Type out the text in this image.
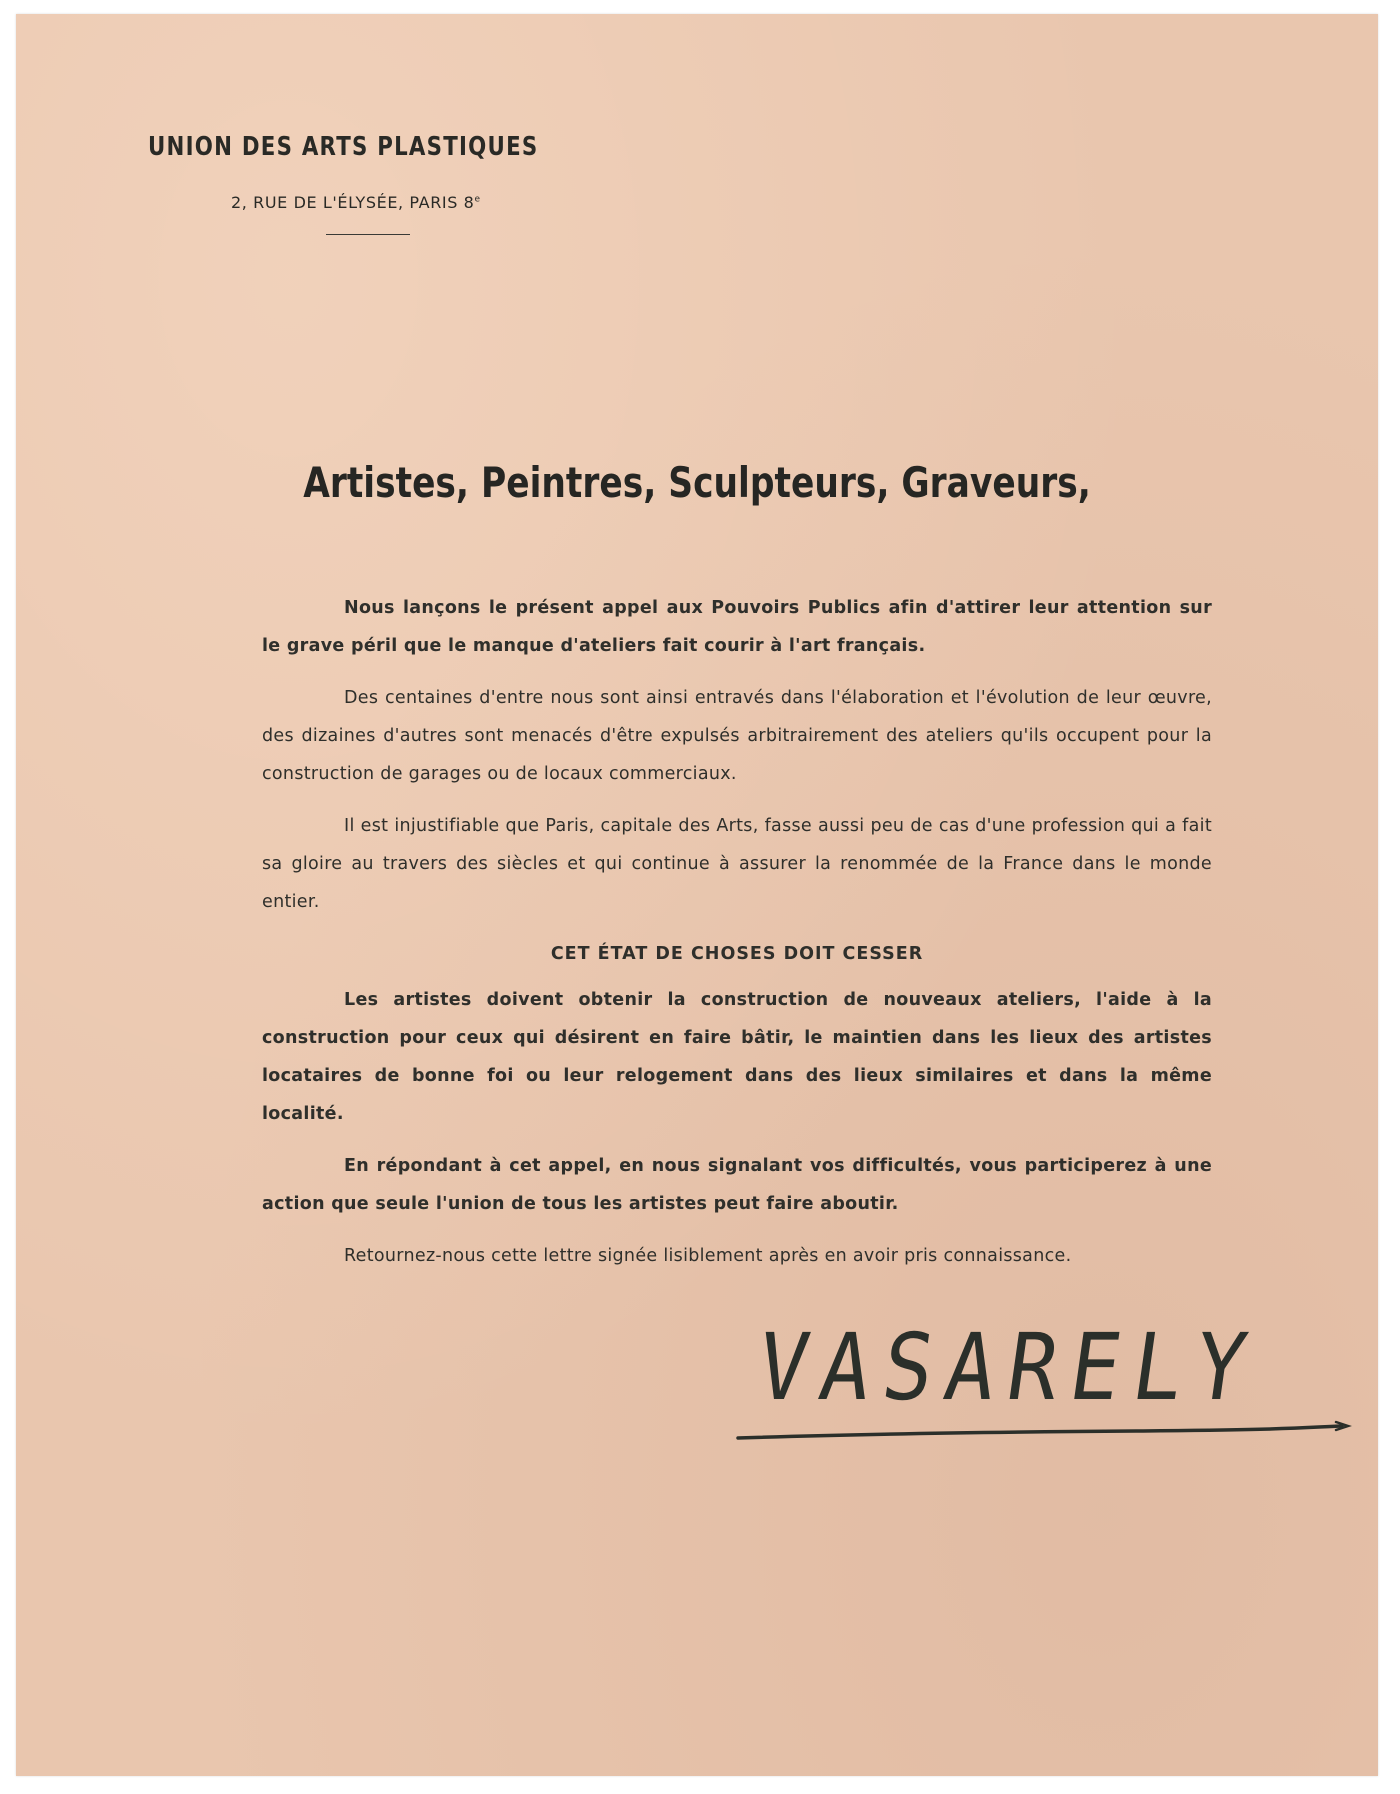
UNION DES ARTS PLASTIQUES
2, RUE DE L'ÉLYSÉE, PARIS 8e
Artistes, Peintres, Sculpteurs, Graveurs,

Nous lançons le présent appel aux Pouvoirs Publics afin d'attirer leur attention sur le grave péril que le manque d'ateliers fait courir à l'art français.

Des centaines d'entre nous sont ainsi entravés dans l'élaboration et l'évolution de leur œuvre, des dizaines d'autres sont menacés d'être expulsés arbitrairement des ateliers qu'ils occupent pour la construction de garages ou de locaux commerciaux.

Il est injustifiable que Paris, capitale des Arts, fasse aussi peu de cas d'une profession qui a fait sa gloire au travers des siècles et qui continue à assurer la renommée de la France dans le monde entier.

CET ÉTAT DE CHOSES DOIT CESSER

Les artistes doivent obtenir la construction de nouveaux ateliers, l'aide à la construction pour ceux qui désirent en faire bâtir, le maintien dans les lieux des artistes locataires de bonne foi ou leur relogement dans des lieux similaires et dans la même localité.

En répondant à cet appel, en nous signalant vos difficultés, vous participerez à une action que seule l'union de tous les artistes peut faire aboutir.

Retournez-nous cette lettre signée lisiblement après en avoir pris connaissance.

VASARELY
